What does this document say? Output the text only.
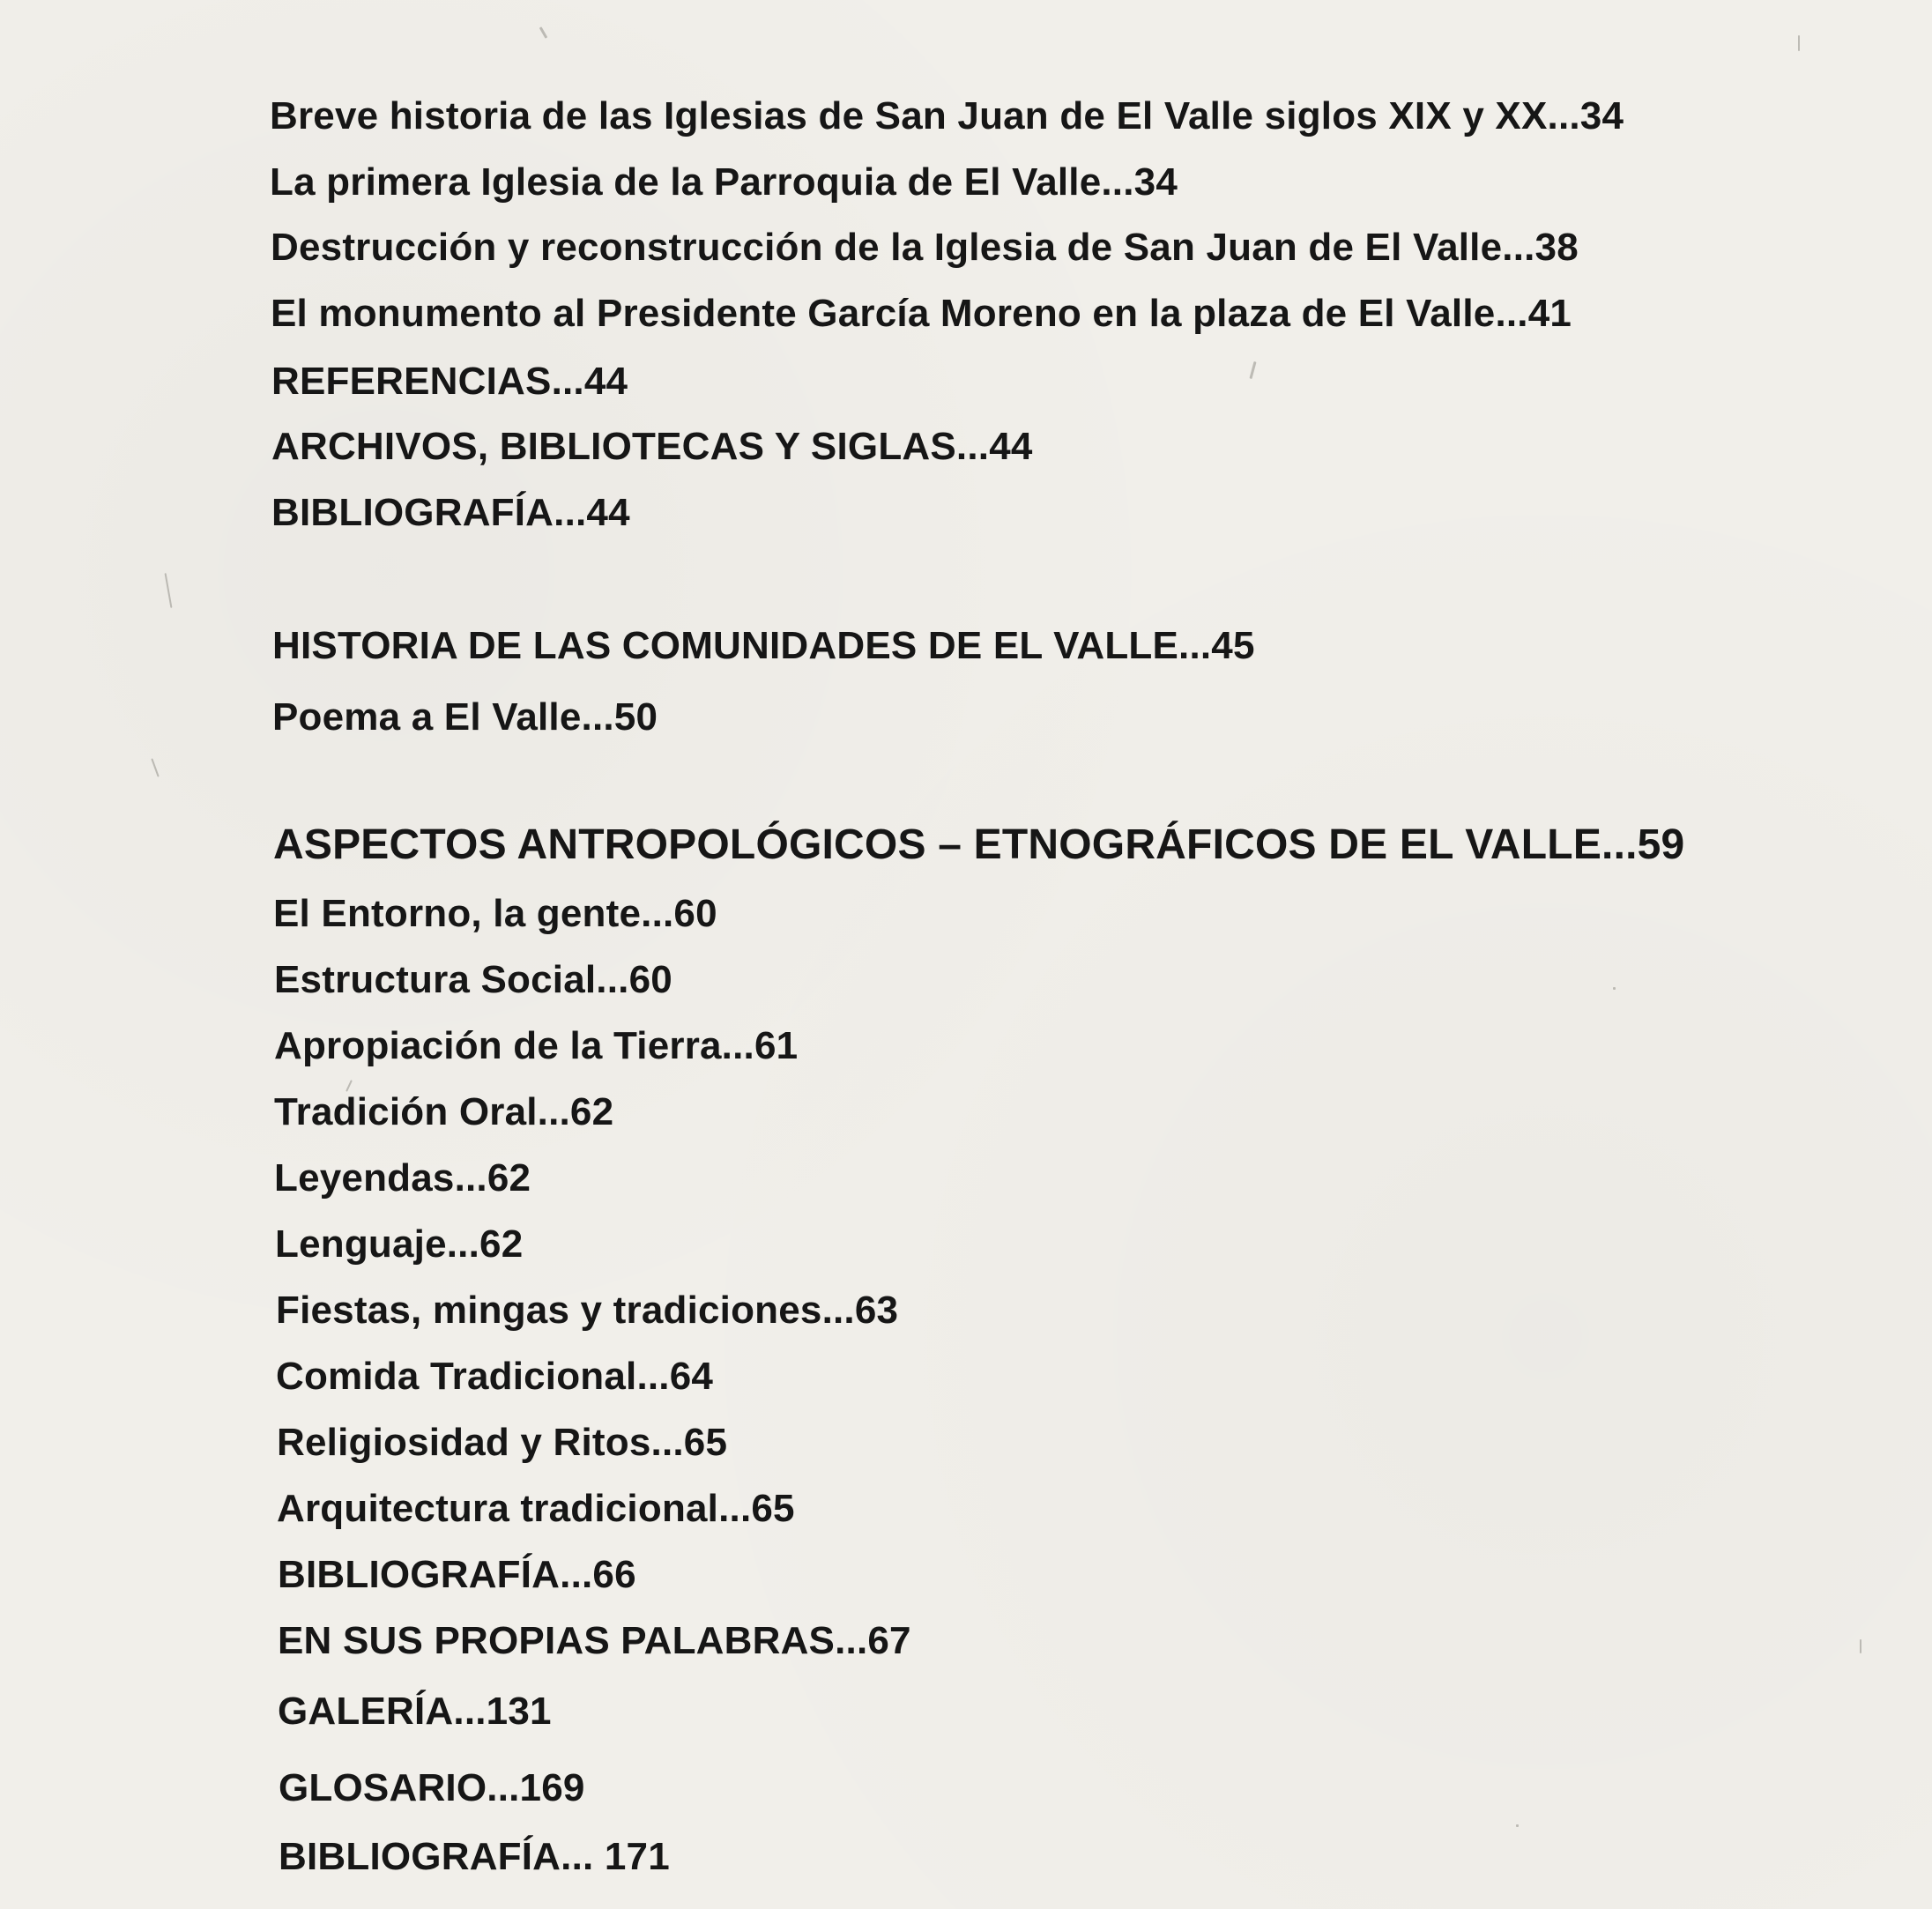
Breve historia de las Iglesias de San Juan de El Valle siglos XIX y XX...34
La primera Iglesia de la Parroquia de El Valle...34
Destrucción y reconstrucción de la Iglesia de San Juan de El Valle...38
El monumento al Presidente García Moreno en la plaza de El Valle...41
REFERENCIAS...44
ARCHIVOS, BIBLIOTECAS Y SIGLAS...44
BIBLIOGRAFÍA...44
HISTORIA DE LAS COMUNIDADES DE EL VALLE...45
Poema a El Valle...50
ASPECTOS ANTROPOLÓGICOS – ETNOGRÁFICOS DE EL VALLE...59
El Entorno, la gente...60
Estructura Social...60
Apropiación de la Tierra...61
Tradición Oral...62
Leyendas...62
Lenguaje...62
Fiestas, mingas y tradiciones...63
Comida Tradicional...64
Religiosidad y Ritos...65
Arquitectura tradicional...65
BIBLIOGRAFÍA...66
EN SUS PROPIAS PALABRAS...67
GALERÍA...131
GLOSARIO...169
BIBLIOGRAFÍA... 171
